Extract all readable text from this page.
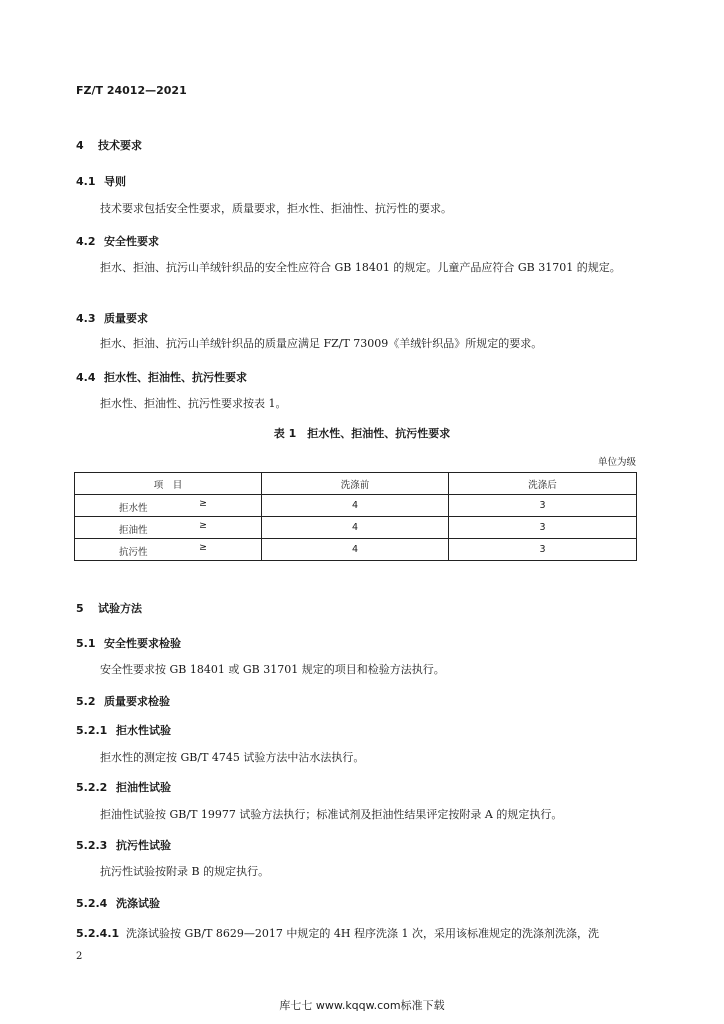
FZ/T 24012—2021
4 技术要求
4.1 导则
技术要求包括安全性要求，质量要求，拒水性、拒油性、抗污性的要求。
4.2 安全性要求
拒水、拒油、抗污山羊绒针织品的安全性应符合 GB 18401 的规定。儿童产品应符合 GB 31701 的规定。
4.3 质量要求
拒水、拒油、抗污山羊绒针织品的质量应满足 FZ/T 73009《羊绒针织品》所规定的要求。
4.4 拒水性、拒油性、抗污性要求
拒水性、拒油性、抗污性要求按表 1。
表 1　拒水性、拒油性、抗污性要求
单位为级
项　目	洗涤前	洗涤后

拒水性 ≥	4	3

拒油性 ≥	4	3

抗污性 ≥	4	3
5 试验方法
5.1 安全性要求检验
安全性要求按 GB 18401 或 GB 31701 规定的项目和检验方法执行。
5.2 质量要求检验
5.2.1 拒水性试验
拒水性的测定按 GB/T 4745 试验方法中沾水法执行。
5.2.2 拒油性试验
拒油性试验按 GB/T 19977 试验方法执行；标准试剂及拒油性结果评定按附录 A 的规定执行。
5.2.3 抗污性试验
抗污性试验按附录 B 的规定执行。
5.2.4 洗涤试验
5.2.4.1 洗涤试验按 GB/T 8629—2017 中规定的 4H 程序洗涤 1 次，采用该标准规定的洗涤剂洗涤，洗
2
库七七 www.kqqw.com标准下载
